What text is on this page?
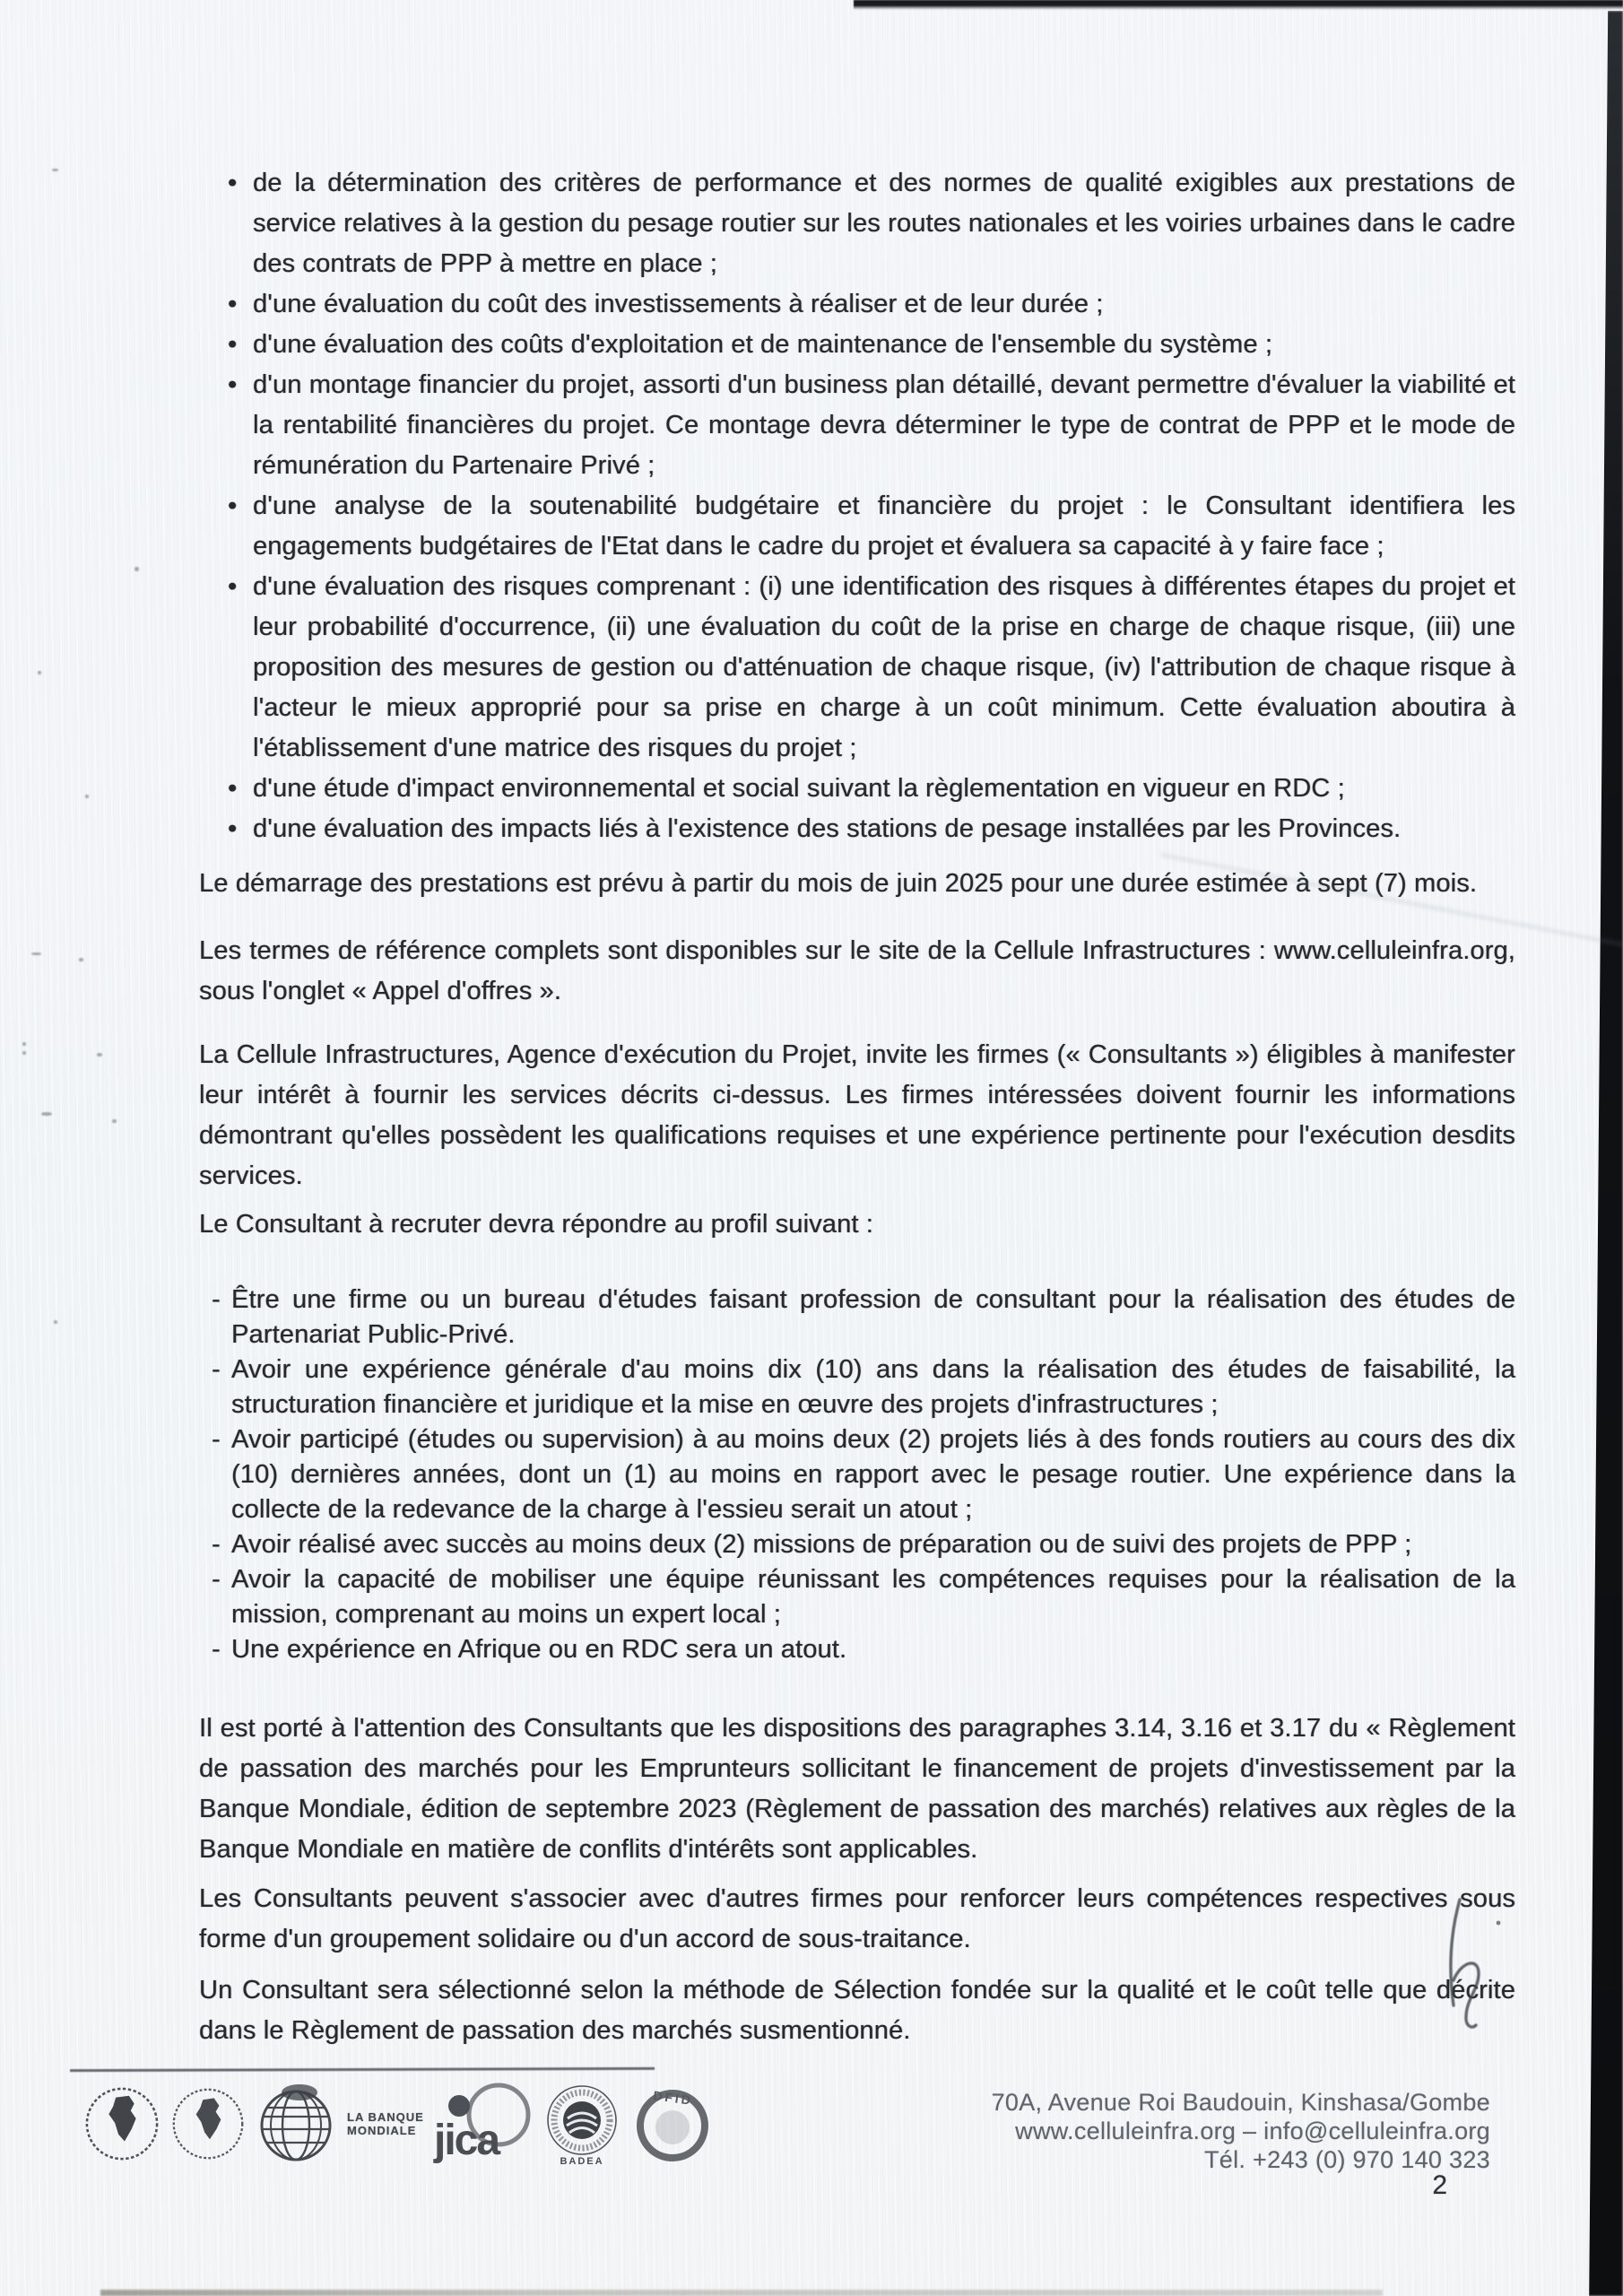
• de la détermination des critères de performance et des normes de qualité exigibles aux prestations de service relatives à la gestion du pesage routier sur les routes nationales et les voiries urbaines dans le cadre des contrats de PPP à mettre en place ;
• d'une évaluation du coût des investissements à réaliser et de leur durée ;
• d'une évaluation des coûts d'exploitation et de maintenance de l'ensemble du système ;
• d'un montage financier du projet, assorti d'un business plan détaillé, devant permettre d'évaluer la viabilité et la rentabilité financières du projet. Ce montage devra déterminer le type de contrat de PPP et le mode de rémunération du Partenaire Privé ;
• d'une analyse de la soutenabilité budgétaire et financière du projet : le Consultant identifiera les engagements budgétaires de l'Etat dans le cadre du projet et évaluera sa capacité à y faire face ;
• d'une évaluation des risques comprenant : (i) une identification des risques à différentes étapes du projet et leur probabilité d'occurrence, (ii) une évaluation du coût de la prise en charge de chaque risque, (iii) une proposition des mesures de gestion ou d'atténuation de chaque risque, (iv) l'attribution de chaque risque à l'acteur le mieux approprié pour sa prise en charge à un coût minimum. Cette évaluation aboutira à l'établissement d'une matrice des risques du projet ;
• d'une étude d'impact environnemental et social suivant la règlementation en vigueur en RDC ;
• d'une évaluation des impacts liés à l'existence des stations de pesage installées par les Provinces.

Le démarrage des prestations est prévu à partir du mois de juin 2025 pour une durée estimée à sept (7) mois.

Les termes de référence complets sont disponibles sur le site de la Cellule Infrastructures : www.celluleinfra.org, sous l'onglet « Appel d'offres ».

La Cellule Infrastructures, Agence d'exécution du Projet, invite les firmes (« Consultants ») éligibles à manifester leur intérêt à fournir les services décrits ci-dessus. Les firmes intéressées doivent fournir les informations démontrant qu'elles possèdent les qualifications requises et une expérience pertinente pour l'exécution desdits services.

Le Consultant à recruter devra répondre au profil suivant :

- Être une firme ou un bureau d'études faisant profession de consultant pour la réalisation des études de Partenariat Public-Privé.
- Avoir une expérience générale d'au moins dix (10) ans dans la réalisation des études de faisabilité, la structuration financière et juridique et la mise en œuvre des projets d'infrastructures ;
- Avoir participé (études ou supervision) à au moins deux (2) projets liés à des fonds routiers au cours des dix (10) dernières années, dont un (1) au moins en rapport avec le pesage routier. Une expérience dans la collecte de la redevance de la charge à l'essieu serait un atout ;
- Avoir réalisé avec succès au moins deux (2) missions de préparation ou de suivi des projets de PPP ;
- Avoir la capacité de mobiliser une équipe réunissant les compétences requises pour la réalisation de la mission, comprenant au moins un expert local ;
- Une expérience en Afrique ou en RDC sera un atout.

Il est porté à l'attention des Consultants que les dispositions des paragraphes 3.14, 3.16 et 3.17 du « Règlement de passation des marchés pour les Emprunteurs sollicitant le financement de projets d'investissement par la Banque Mondiale, édition de septembre 2023 (Règlement de passation des marchés) relatives aux règles de la Banque Mondiale en matière de conflits d'intérêts sont applicables.

Les Consultants peuvent s'associer avec d'autres firmes pour renforcer leurs compétences respectives sous forme d'un groupement solidaire ou d'un accord de sous-traitance.

Un Consultant sera sélectionné selon la méthode de Sélection fondée sur la qualité et le coût telle que décrite dans le Règlement de passation des marchés susmentionné.

LA BANQUE
MONDIALE jica	BADEA
DFID	70A, Avenue Roi Baudouin, Kinshasa/Gombe
www.celluleinfra.org – info@celluleinfra.org
Tél. +243 (0) 970 140 323
2
